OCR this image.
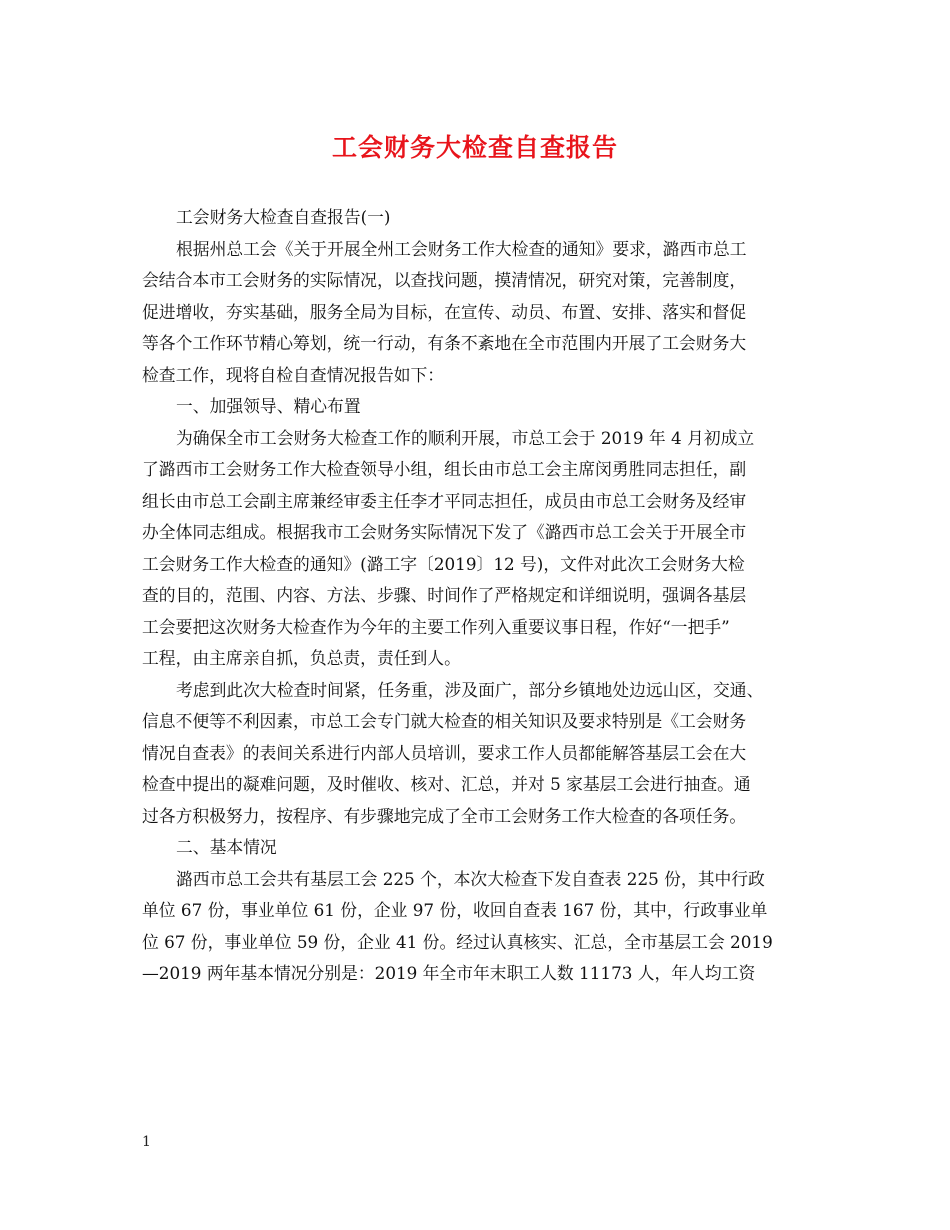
工会财务大检查自查报告
工会财务大检查自查报告(一)
根据州总工会《关于开展全州工会财务工作大检查的通知》要求，潞西市总工
会结合本市工会财务的实际情况，以查找问题，摸清情况，研究对策，完善制度，
促进增收，夯实基础，服务全局为目标，在宣传、动员、布置、安排、落实和督促
等各个工作环节精心筹划，统一行动，有条不紊地在全市范围内开展了工会财务大
检查工作，现将自检自查情况报告如下：
一、加强领导、精心布置
为确保全市工会财务大检查工作的顺利开展，市总工会于 2019 年 4 月初成立
了潞西市工会财务工作大检查领导小组，组长由市总工会主席闵勇胜同志担任，副
组长由市总工会副主席兼经审委主任李才平同志担任，成员由市总工会财务及经审
办全体同志组成。根据我市工会财务实际情况下发了《潞西市总工会关于开展全市
工会财务工作大检查的通知》(潞工字〔2019〕12 号)，文件对此次工会财务大检
查的目的，范围、内容、方法、步骤、时间作了严格规定和详细说明，强调各基层
工会要把这次财务大检查作为今年的主要工作列入重要议事日程，作好“一把手”
工程，由主席亲自抓，负总责，责任到人。
考虑到此次大检查时间紧，任务重，涉及面广，部分乡镇地处边远山区，交通、
信息不便等不利因素，市总工会专门就大检查的相关知识及要求特别是《工会财务
情况自查表》的表间关系进行内部人员培训，要求工作人员都能解答基层工会在大
检查中提出的凝难问题，及时催收、核对、汇总，并对 5 家基层工会进行抽查。通
过各方积极努力，按程序、有步骤地完成了全市工会财务工作大检查的各项任务。
二、基本情况
潞西市总工会共有基层工会 225 个，本次大检查下发自查表 225 份，其中行政
单位 67 份，事业单位 61 份，企业 97 份，收回自查表 167 份，其中，行政事业单
位 67 份，事业单位 59 份，企业 41 份。经过认真核实、汇总，全市基层工会 2019
—2019 两年基本情况分别是：2019 年全市年末职工人数 11173 人，年人均工资
1
